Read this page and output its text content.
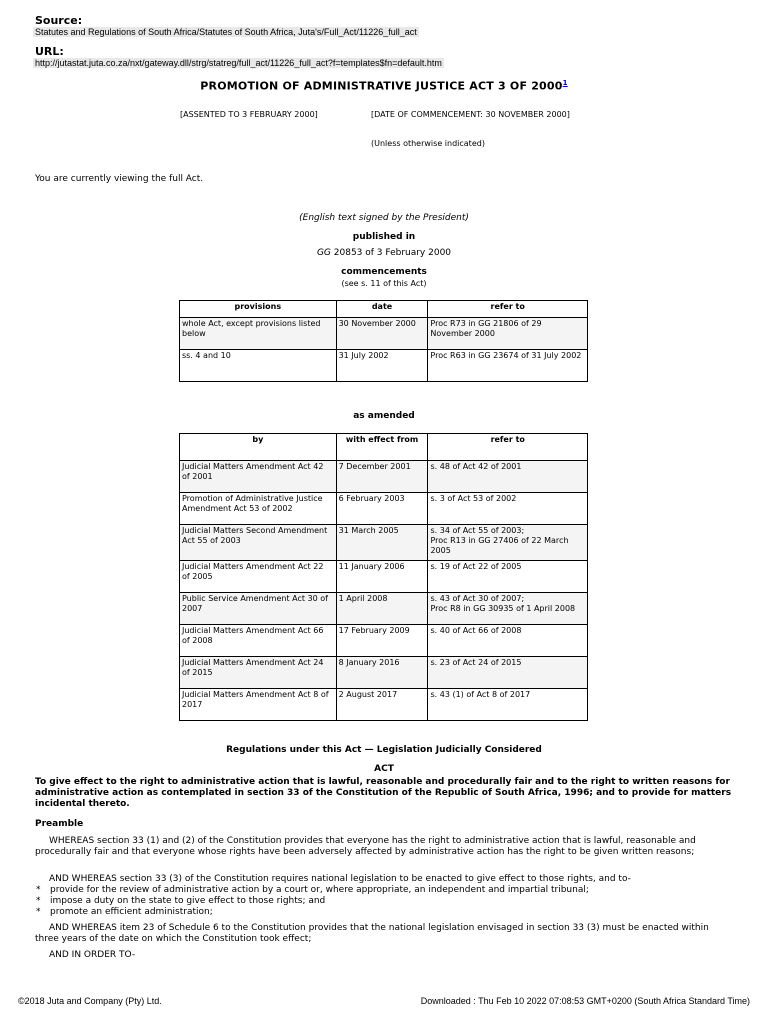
Source:
Statutes and Regulations of South Africa/Statutes of South Africa, Juta's/Full_Act/11226_full_act
URL:
http://jutastat.juta.co.za/nxt/gateway.dll/strg/statreg/full_act/11226_full_act?f=templates$fn=default.htm
PROMOTION OF ADMINISTRATIVE JUSTICE ACT 3 OF 2000$^1$
[ASSENTED TO 3 FEBRUARY 2000]	[DATE OF COMMENCEMENT: 30 NOVEMBER 2000]
(Unless otherwise indicated)
You are currently viewing the full Act.
(English text signed by the President)
published in
GG 20853 of 3 February 2000
commencements
(see s. 11 of this Act)
provisions	date	refer to
whole Act, except provisions listed below	30 November 2000	Proc R73 in GG 21806 of 29 November 2000
ss. 4 and 10	31 July 2002	Proc R63 in GG 23674 of 31 July 2002
as amended
by	with effect from	refer to
Judicial Matters Amendment Act 42 of 2001	7 December 2001	s. 48 of Act 42 of 2001
Promotion of Administrative Justice Amendment Act 53 of 2002	6 February 2003	s. 3 of Act 53 of 2002
Judicial Matters Second Amendment Act 55 of 2003	31 March 2005	s. 34 of Act 55 of 2003;
Proc R13 in GG 27406 of 22 March 2005
Judicial Matters Amendment Act 22 of 2005	11 January 2006	s. 19 of Act 22 of 2005
Public Service Amendment Act 30 of 2007	1 April 2008	s. 43 of Act 30 of 2007;
Proc R8 in GG 30935 of 1 April 2008
Judicial Matters Amendment Act 66 of 2008	17 February 2009	s. 40 of Act 66 of 2008
Judicial Matters Amendment Act 24 of 2015	8 January 2016	s. 23 of Act 24 of 2015
Judicial Matters Amendment Act 8 of 2017	2 August 2017	s. 43 (1) of Act 8 of 2017
Regulations under this Act — Legislation Judicially Considered
ACT
To give effect to the right to administrative action that is lawful, reasonable and procedurally fair and to the right to written reasons for administrative action as contemplated in section 33 of the Constitution of the Republic of South Africa, 1996; and to provide for matters incidental thereto.
Preamble
WHEREAS section 33 (1) and (2) of the Constitution provides that everyone has the right to administrative action that is lawful, reasonable and procedurally fair and that everyone whose rights have been adversely affected by administrative action has the right to be given written reasons;
AND WHEREAS section 33 (3) of the Constitution requires national legislation to be enacted to give effect to those rights, and to-
* provide for the review of administrative action by a court or, where appropriate, an independent and impartial tribunal;
* impose a duty on the state to give effect to those rights; and
* promote an efficient administration;
AND WHEREAS item 23 of Schedule 6 to the Constitution provides that the national legislation envisaged in section 33 (3) must be enacted within three years of the date on which the Constitution took effect;
AND IN ORDER TO-
©2018 Juta and Company (Pty) Ltd.	Downloaded : Thu Feb 10 2022 07:08:53 GMT+0200 (South Africa Standard Time)
